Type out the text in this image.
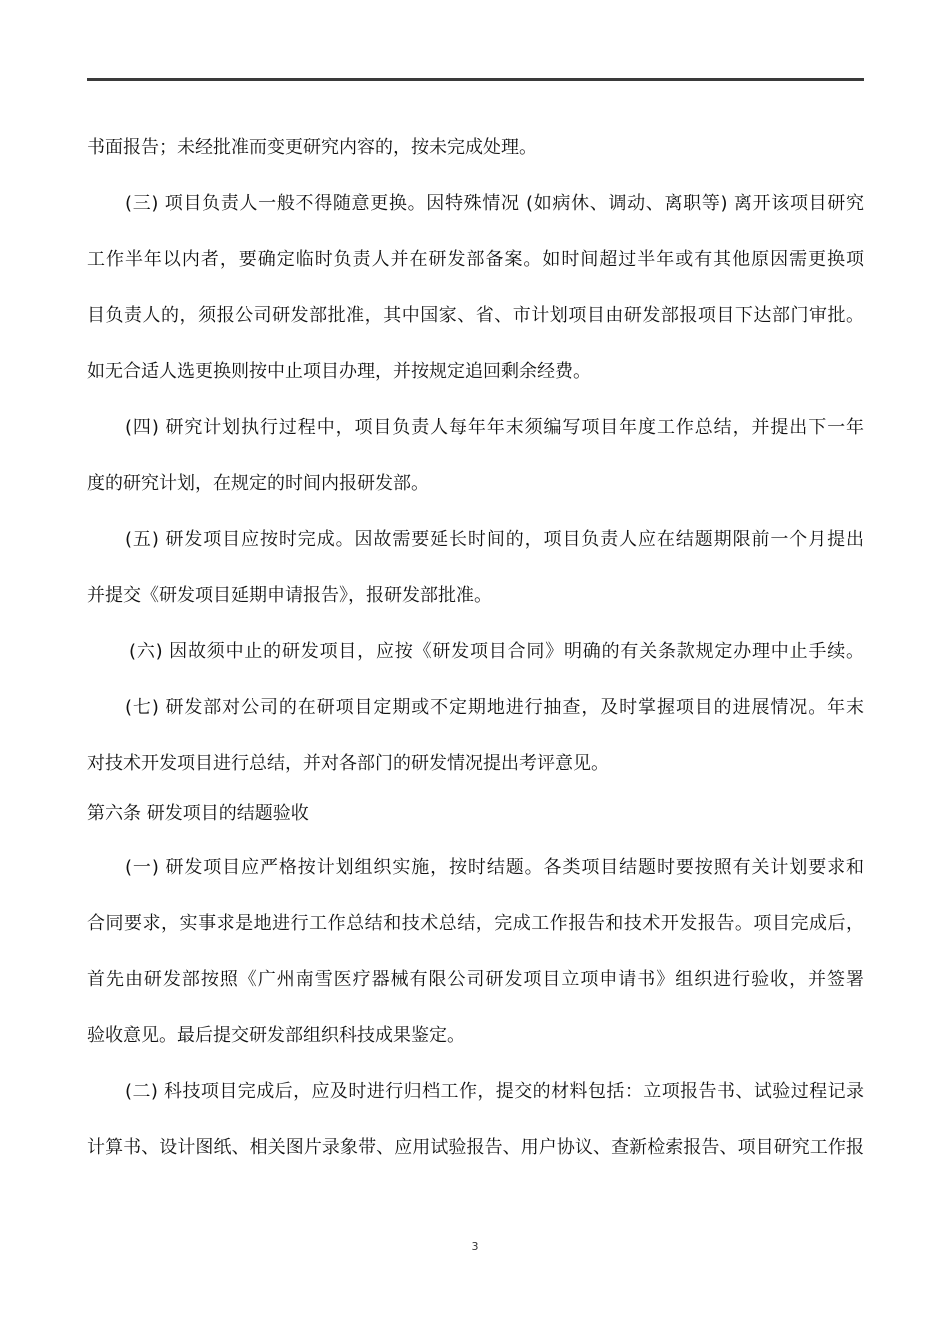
书面报告；未经批准而变更研究内容的，按未完成处理。
(三) 项目负责人一般不得随意更换。因特殊情况 (如病休、调动、离职等) 离开该项目研究
工作半年以内者，要确定临时负责人并在研发部备案。如时间超过半年或有其他原因需更换项
目负责人的，须报公司研发部批准，其中国家、省、市计划项目由研发部报项目下达部门审批。
如无合适人选更换则按中止项目办理，并按规定追回剩余经费。
(四) 研究计划执行过程中，项目负责人每年年末须编写项目年度工作总结，并提出下一年
度的研究计划，在规定的时间内报研发部。
(五) 研发项目应按时完成。因故需要延长时间的，项目负责人应在结题期限前一个月提出
并提交《研发项目延期申请报告》，报研发部批准。
(六) 因故须中止的研发项目，应按《研发项目合同》明确的有关条款规定办理中止手续。
(七) 研发部对公司的在研项目定期或不定期地进行抽查，及时掌握项目的进展情况。年末
对技术开发项目进行总结，并对各部门的研发情况提出考评意见。
第六条 研发项目的结题验收
(一) 研发项目应严格按计划组织实施，按时结题。各类项目结题时要按照有关计划要求和
合同要求，实事求是地进行工作总结和技术总结，完成工作报告和技术开发报告。项目完成后，
首先由研发部按照《广州南雪医疗器械有限公司研发项目立项申请书》组织进行验收，并签署
验收意见。最后提交研发部组织科技成果鉴定。
(二) 科技项目完成后，应及时进行归档工作，提交的材料包括：立项报告书、试验过程记录
计算书、设计图纸、相关图片录象带、应用试验报告、用户协议、查新检索报告、项目研究工作报
3
